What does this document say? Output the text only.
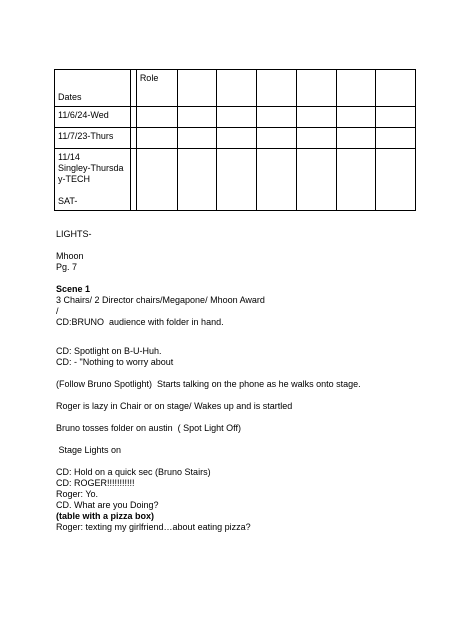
Dates		Role						
11/6/24-Wed								
11/7/23-Thurs								

11/14
Singley-Thursda
y-TECH
SAT-								

LIGHTS-
Mhoon
Pg. 7
Scene 1
3 Chairs/ 2 Director chairs/Megapone/ Mhoon Award
/
CD:BRUNO  audience with folder in hand.
CD: Spotlight on B-U-Huh.
CD: - "Nothing to worry about
(Follow Bruno Spotlight)  Starts talking on the phone as he walks onto stage.
Roger is lazy in Chair or on stage/ Wakes up and is startled
Bruno tosses folder on austin  ( Spot Light Off)
Stage Lights on
CD: Hold on a quick sec (Bruno Stairs)
CD: ROGER!!!!!!!!!!!
Roger: Yo.
CD. What are you Doing?
(table with a pizza box)
Roger: texting my girlfriend…about eating pizza?
